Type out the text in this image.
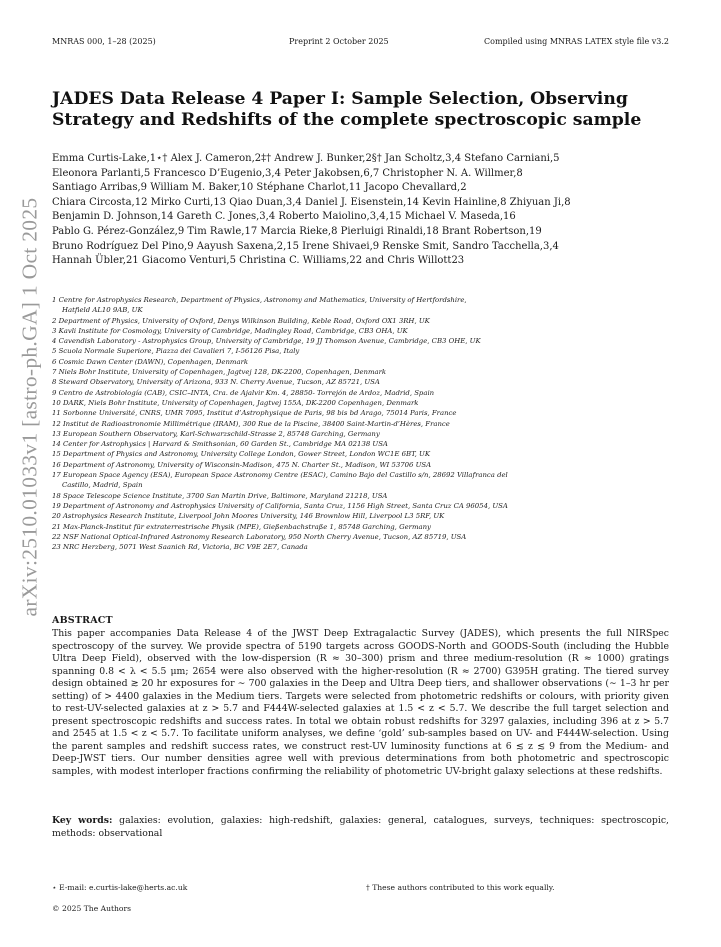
MNRAS 000, 1–28 (2025)	Preprint 2 October 2025	Compiled using MNRAS LATEX style file v3.2
arXiv:2510.01033v1 [astro-ph.GA] 1 Oct 2025
JADES Data Release 4 Paper I: Sample Selection, Observing Strategy and Redshifts of the complete spectroscopic sample
Emma Curtis-Lake,1⋆† Alex J. Cameron,2‡† Andrew J. Bunker,2§† Jan Scholtz,3,4 Stefano Carniani,5
Eleonora Parlanti,5 Francesco D’Eugenio,3,4 Peter Jakobsen,6,7 Christopher N. A. Willmer,8
Santiago Arribas,9 William M. Baker,10 Stéphane Charlot,11 Jacopo Chevallard,2
Chiara Circosta,12 Mirko Curti,13 Qiao Duan,3,4 Daniel J. Eisenstein,14 Kevin Hainline,8 Zhiyuan Ji,8
Benjamin D. Johnson,14 Gareth C. Jones,3,4 Roberto Maiolino,3,4,15 Michael V. Maseda,16
Pablo G. Pérez-González,9 Tim Rawle,17 Marcia Rieke,8 Pierluigi Rinaldi,18 Brant Robertson,19
Bruno Rodríguez Del Pino,9 Aayush Saxena,2,15 Irene Shivaei,9 Renske Smit, Sandro Tacchella,3,4
Hannah Übler,21 Giacomo Venturi,5 Christina C. Williams,22 and Chris Willott23
1 Centre for Astrophysics Research, Department of Physics, Astronomy and Mathematics, University of Hertfordshire,
Hatfield AL10 9AB, UK
2 Department of Physics, University of Oxford, Denys Wilkinson Building, Keble Road, Oxford OX1 3RH, UK
3 Kavli Institute for Cosmology, University of Cambridge, Madingley Road, Cambridge, CB3 OHA, UK
4 Cavendish Laboratory - Astrophysics Group, University of Cambridge, 19 JJ Thomson Avenue, Cambridge, CB3 OHE, UK
5 Scuola Normale Superiore, Piazza dei Cavalieri 7, I-56126 Pisa, Italy
6 Cosmic Dawn Center (DAWN), Copenhagen, Denmark
7 Niels Bohr Institute, University of Copenhagen, Jagtvej 128, DK-2200, Copenhagen, Denmark
8 Steward Observatory, University of Arizona, 933 N. Cherry Avenue, Tucson, AZ 85721, USA
9 Centro de Astrobiología (CAB), CSIC–INTA, Cra. de Ajalvir Km. 4, 28850- Torrejón de Ardoz, Madrid, Spain
10 DARK, Niels Bohr Institute, University of Copenhagen, Jagtvej 155A, DK-2200 Copenhagen, Denmark
11 Sorbonne Université, CNRS, UMR 7095, Institut d’Astrophysique de Paris, 98 bis bd Arago, 75014 Paris, France
12 Institut de Radioastronomie Millimétrique (IRAM), 300 Rue de la Piscine, 38400 Saint-Martin-d’Hères, France
13 European Southern Observatory, Karl-Schwarzschild-Strasse 2, 85748 Garching, Germany
14 Center for Astrophysics | Harvard & Smithsonian, 60 Garden St., Cambridge MA 02138 USA
15 Department of Physics and Astronomy, University College London, Gower Street, London WC1E 6BT, UK
16 Department of Astronomy, University of Wisconsin-Madison, 475 N. Charter St., Madison, WI 53706 USA
17 European Space Agency (ESA), European Space Astronomy Centre (ESAC), Camino Bajo del Castillo s/n, 28692 Villafranca del
Castillo, Madrid, Spain
18 Space Telescope Science Institute, 3700 San Martin Drive, Baltimore, Maryland 21218, USA
19 Department of Astronomy and Astrophysics University of California, Santa Cruz, 1156 High Street, Santa Cruz CA 96054, USA
20 Astrophysics Research Institute, Liverpool John Moores University, 146 Brownlow Hill, Liverpool L3 5RF, UK
21 Max-Planck-Institut für extraterrestrische Physik (MPE), Gießenbachstraße 1, 85748 Garching, Germany
22 NSF National Optical-Infrared Astronomy Research Laboratory, 950 North Cherry Avenue, Tucson, AZ 85719, USA
23 NRC Herzberg, 5071 West Saanich Rd, Victoria, BC V9E 2E7, Canada
ABSTRACT

This paper accompanies Data Release 4 of the JWST Deep Extragalactic Survey (JADES), which presents the full NIRSpec spectroscopy of the survey. We provide spectra of 5190 targets across GOODS-North and GOODS-South (including the Hubble Ultra Deep Field), observed with the low-dispersion (R ≈ 30–300) prism and three medium-resolution (R ≈ 1000) gratings spanning 0.8 < λ < 5.5 μm; 2654 were also observed with the higher-resolution (R ≈ 2700) G395H grating. The tiered survey design obtained ≳ 20 hr exposures for ∼ 700 galaxies in the Deep and Ultra Deep tiers, and shallower observations (∼ 1–3 hr per setting) of > 4400 galaxies in the Medium tiers. Targets were selected from photometric redshifts or colours, with priority given to rest-UV-selected galaxies at z > 5.7 and F444W-selected galaxies at 1.5 < z < 5.7. We describe the full target selection and present spectroscopic redshifts and success rates. In total we obtain robust redshifts for 3297 galaxies, including 396 at z > 5.7 and 2545 at 1.5 < z < 5.7. To facilitate uniform analyses, we define ‘gold’ sub-samples based on UV- and F444W-selection. Using the parent samples and redshift success rates, we construct rest-UV luminosity functions at 6 ≲ z ≲ 9 from the Medium- and Deep-JWST tiers. Our number densities agree well with previous determinations from both photometric and spectroscopic samples, with modest interloper fractions confirming the reliability of photometric UV-bright galaxy selections at these redshifts.

Key words: galaxies: evolution, galaxies: high-redshift, galaxies: general, catalogues, surveys, techniques: spectroscopic, methods: observational

⋆ E-mail: e.curtis-lake@herts.ac.uk	† These authors contributed to this work equally.
© 2025 The Authors
